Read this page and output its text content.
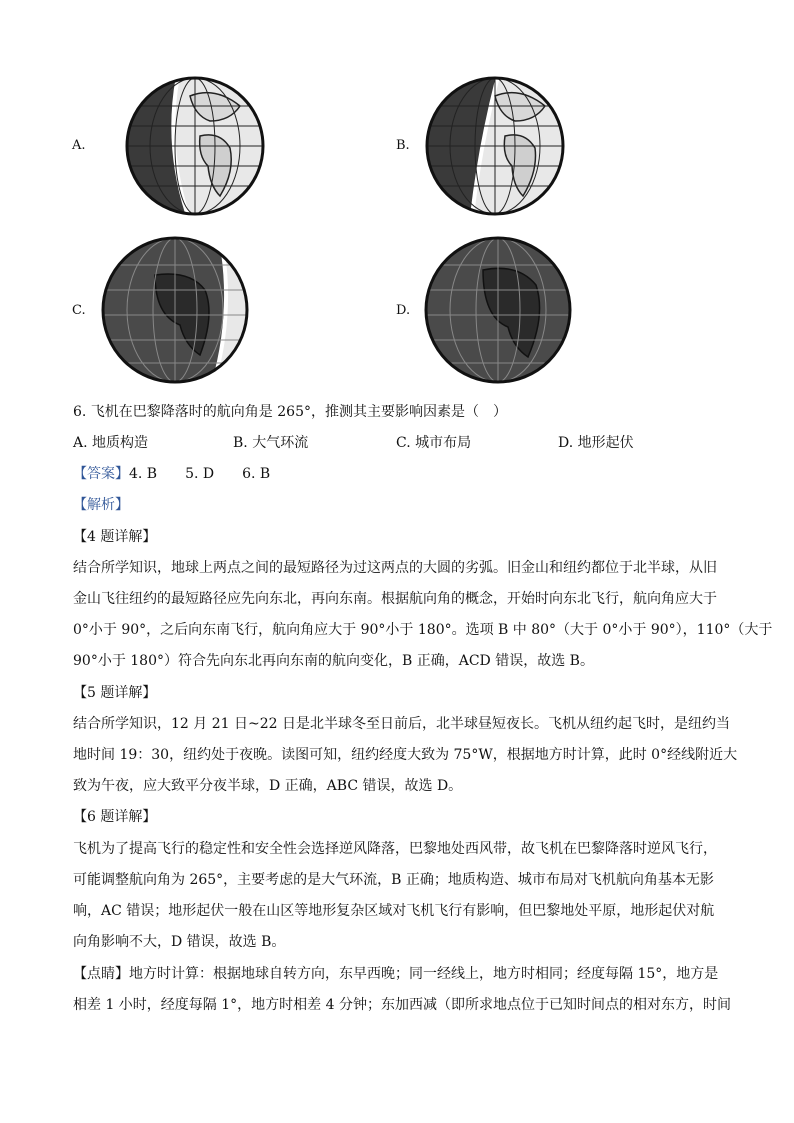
A.	B.
C.	D.
6. 飞机在巴黎降落时的航向角是 265°，推测其主要影响因素是（　）
A. 地质构造	B. 大气环流	C. 城市布局	D. 地形起伏
【答案】4. B　　5. D　　6. B
【解析】
【4 题详解】
结合所学知识，地球上两点之间的最短路径为过这两点的大圆的劣弧。旧金山和纽约都位于北半球，从旧
金山飞往纽约的最短路径应先向东北，再向东南。根据航向角的概念，开始时向东北飞行，航向角应大于
0°小于 90°，之后向东南飞行，航向角应大于 90°小于 180°。选项 B 中 80°（大于 0°小于 90°），110°（大于
90°小于 180°）符合先向东北再向东南的航向变化，B 正确，ACD 错误，故选 B。
【5 题详解】
结合所学知识，12 月 21 日~22 日是北半球冬至日前后，北半球昼短夜长。飞机从纽约起飞时，是纽约当
地时间 19：30，纽约处于夜晚。读图可知，纽约经度大致为 75°W，根据地方时计算，此时 0°经线附近大
致为午夜，应大致平分夜半球，D 正确，ABC 错误，故选 D。
【6 题详解】
飞机为了提高飞行的稳定性和安全性会选择逆风降落，巴黎地处西风带，故飞机在巴黎降落时逆风飞行，
可能调整航向角为 265°，主要考虑的是大气环流，B 正确；地质构造、城市布局对飞机航向角基本无影
响，AC 错误；地形起伏一般在山区等地形复杂区域对飞机飞行有影响，但巴黎地处平原，地形起伏对航
向角影响不大，D 错误，故选 B。
【点睛】地方时计算：根据地球自转方向，东早西晚；同一经线上，地方时相同；经度每隔 15°，地方是
相差 1 小时，经度每隔 1°，地方时相差 4 分钟；东加西减（即所求地点位于已知时间点的相对东方，时间
